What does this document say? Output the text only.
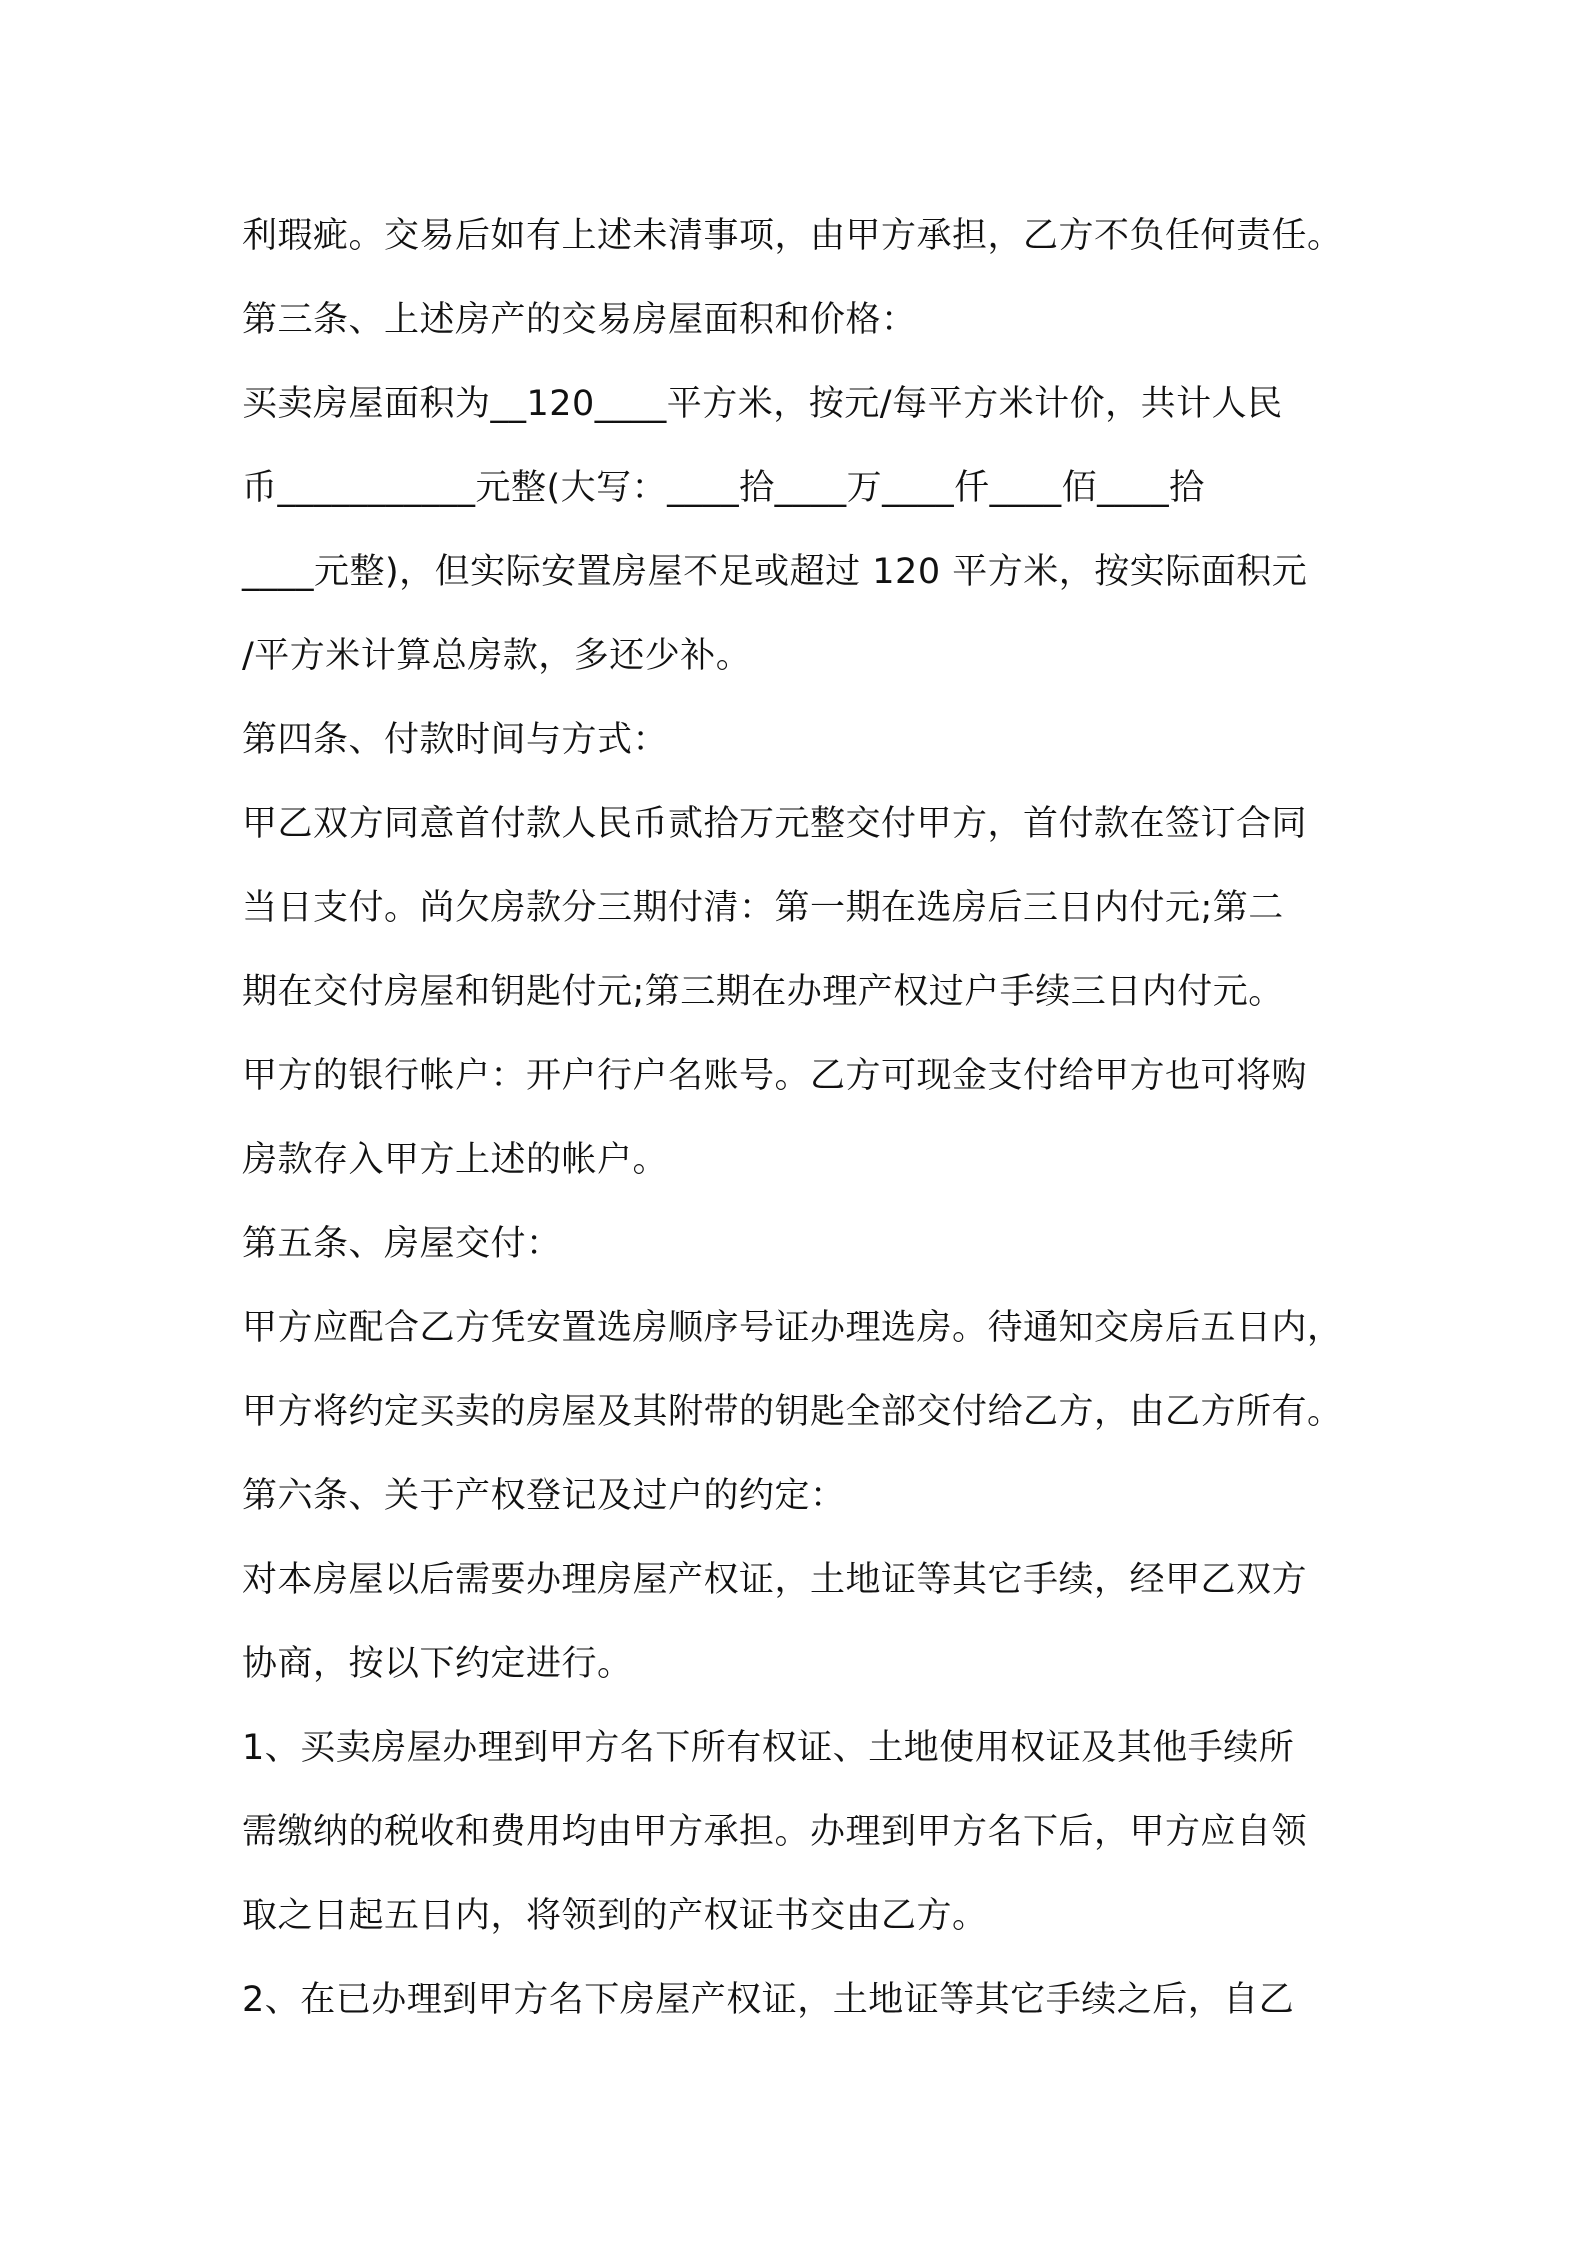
利瑕疵。交易后如有上述未清事项，由甲方承担，乙方不负任何责任。
第三条、上述房产的交易房屋面积和价格：
买卖房屋面积为__120____平方米，按元/每平方米计价，共计人民
币___________元整(大写：____拾____万____仟____佰____拾
____元整)，但实际安置房屋不足或超过 120 平方米，按实际面积元
/平方米计算总房款，多还少补。
第四条、付款时间与方式：
甲乙双方同意首付款人民币贰拾万元整交付甲方，首付款在签订合同
当日支付。尚欠房款分三期付清：第一期在选房后三日内付元;第二
期在交付房屋和钥匙付元;第三期在办理产权过户手续三日内付元。
甲方的银行帐户：开户行户名账号。乙方可现金支付给甲方也可将购
房款存入甲方上述的帐户。
第五条、房屋交付：
甲方应配合乙方凭安置选房顺序号证办理选房。待通知交房后五日内，
甲方将约定买卖的房屋及其附带的钥匙全部交付给乙方，由乙方所有。
第六条、关于产权登记及过户的约定：
对本房屋以后需要办理房屋产权证，土地证等其它手续，经甲乙双方
协商，按以下约定进行。
1、买卖房屋办理到甲方名下所有权证、土地使用权证及其他手续所
需缴纳的税收和费用均由甲方承担。办理到甲方名下后，甲方应自领
取之日起五日内，将领到的产权证书交由乙方。
2、在已办理到甲方名下房屋产权证，土地证等其它手续之后，自乙
